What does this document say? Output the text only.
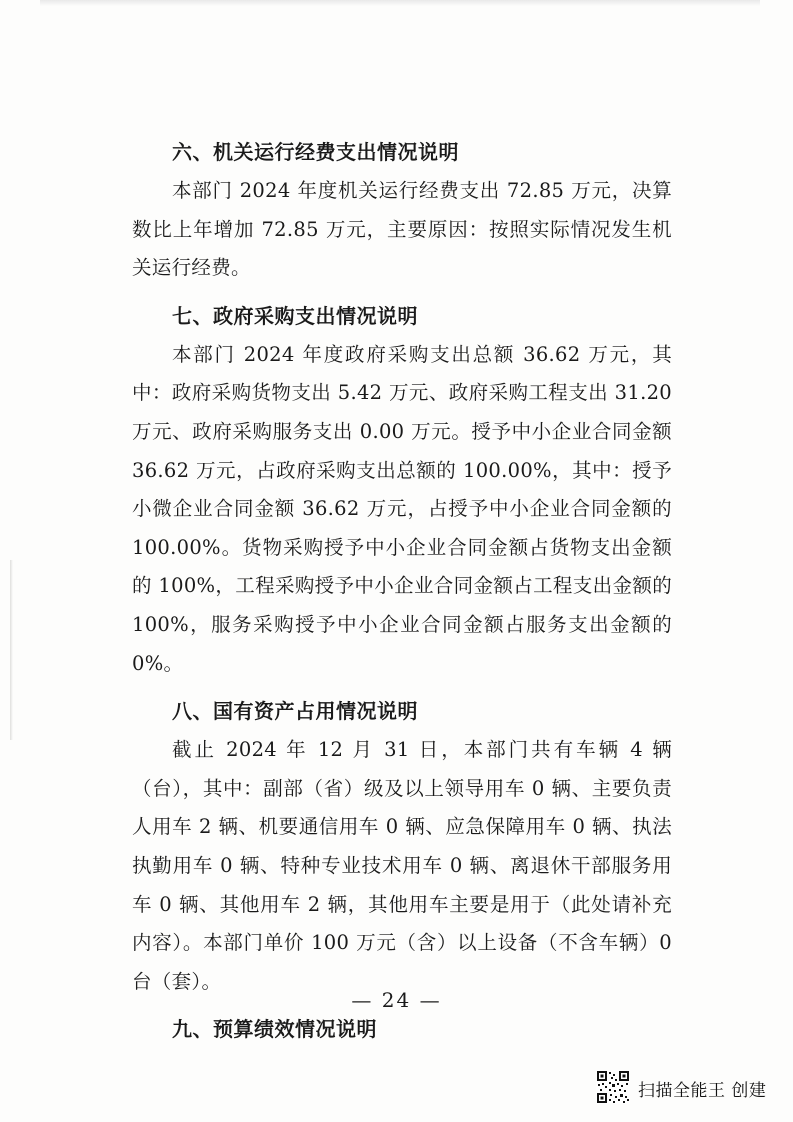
六、机关运行经费支出情况说明

本部门 2024 年度机关运行经费支出 72.85 万元，决算数比上年增加 72.85 万元，主要原因：按照实际情况发生机关运行经费。

七、政府采购支出情况说明

本部门 2024 年度政府采购支出总额 36.62 万元，其中：政府采购货物支出 5.42 万元、政府采购工程支出 31.20 万元、政府采购服务支出 0.00 万元。授予中小企业合同金额 36.62 万元，占政府采购支出总额的 100.00%，其中：授予小微企业合同金额 36.62 万元，占授予中小企业合同金额的 100.00%。货物采购授予中小企业合同金额占货物支出金额的 100%，工程采购授予中小企业合同金额占工程支出金额的 100%，服务采购授予中小企业合同金额占服务支出金额的 0%。

八、国有资产占用情况说明

截止 2024 年 12 月 31 日，本部门共有车辆 4 辆（台），其中：副部（省）级及以上领导用车 0 辆、主要负责人用车 2 辆、机要通信用车 0 辆、应急保障用车 0 辆、执法执勤用车 0 辆、特种专业技术用车 0 辆、离退休干部服务用车 0 辆、其他用车 2 辆，其他用车主要是用于（此处请补充内容）。本部门单价 100 万元（含）以上设备（不含车辆）0 台（套）。

九、预算绩效情况说明
— 24 —
扫描全能王 创建
